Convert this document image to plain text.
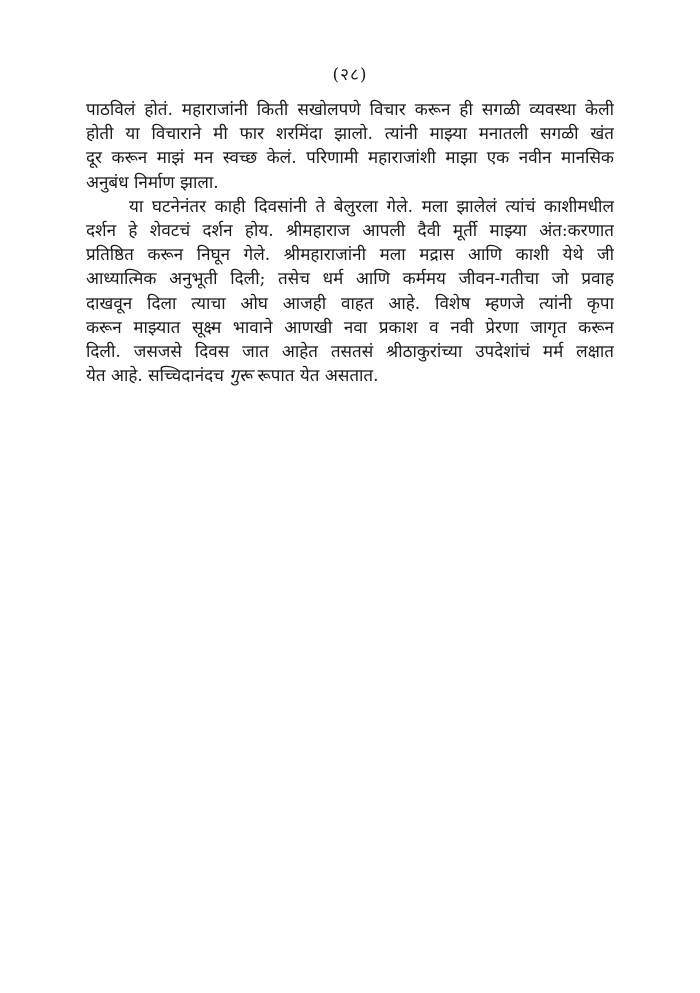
(२८)
पाठविलं होतं. महाराजांनी किती सखोलपणे विचार करून ही सगळी व्यवस्था केली
होती या विचाराने मी फार शरमिंदा झालो. त्यांनी माझ्या मनातली सगळी खंत
दूर करून माझं मन स्वच्छ केलं. परिणामी महाराजांशी माझा एक नवीन मानसिक
अनुबंध निर्माण झाला.
या घटनेनंतर काही दिवसांनी ते बेलुरला गेले. मला झालेलं त्यांचं काशीमधील
दर्शन हे शेवटचं दर्शन होय. श्रीमहाराज आपली दैवी मूर्ती माझ्या अंत:करणात
प्रतिष्ठित करून निघून गेले. श्रीमहाराजांनी मला मद्रास आणि काशी येथे जी
आध्यात्मिक अनुभूती दिली; तसेच धर्म आणि कर्ममय जीवन-गतीचा जो प्रवाह
दाखवून दिला त्याचा ओघ आजही वाहत आहे. विशेष म्हणजे त्यांनी कृपा
करून माझ्यात सूक्ष्म भावाने आणखी नवा प्रकाश व नवी प्रेरणा जागृत करून
दिली. जसजसे दिवस जात आहेत तसतसं श्रीठाकुरांच्या उपदेशांचं मर्म लक्षात
येत आहे. सच्चिदानंदच गुरू रूपात येत असतात.
